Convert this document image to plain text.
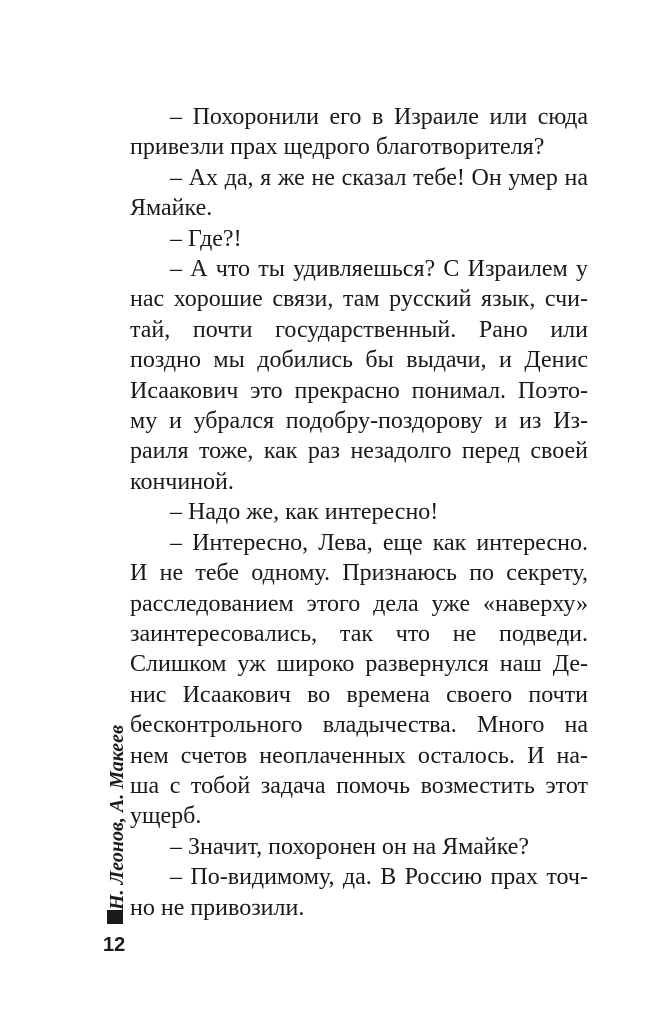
– Похоронили его в Израиле или сюда
привезли прах щедрого благотворителя?
– Ах да, я же не сказал тебе! Он умер на
Ямайке.
– Где?!
– А что ты удивляешься? С Израилем у
нас хорошие связи, там русский язык, счи-
тай, почти государственный. Рано или
поздно мы добились бы выдачи, и Денис
Исаакович это прекрасно понимал. Поэто-
му и убрался подобру-поздорову и из Из-
раиля тоже, как раз незадолго перед своей
кончиной.
– Надо же, как интересно!
– Интересно, Лева, еще как интересно.
И не тебе одному. Признаюсь по секрету,
расследованием этого дела уже «наверху»
заинтересовались, так что не подведи.
Слишком уж широко развернулся наш Де-
нис Исаакович во времена своего почти
бесконтрольного владычества. Много на
нем счетов неоплаченных осталось. И на-
ша с тобой задача помочь возместить этот
ущерб.
– Значит, похоронен он на Ямайке?
– По-видимому, да. В Россию прах точ-
но не привозили.
Н. Леонов, А. Макеев
12
